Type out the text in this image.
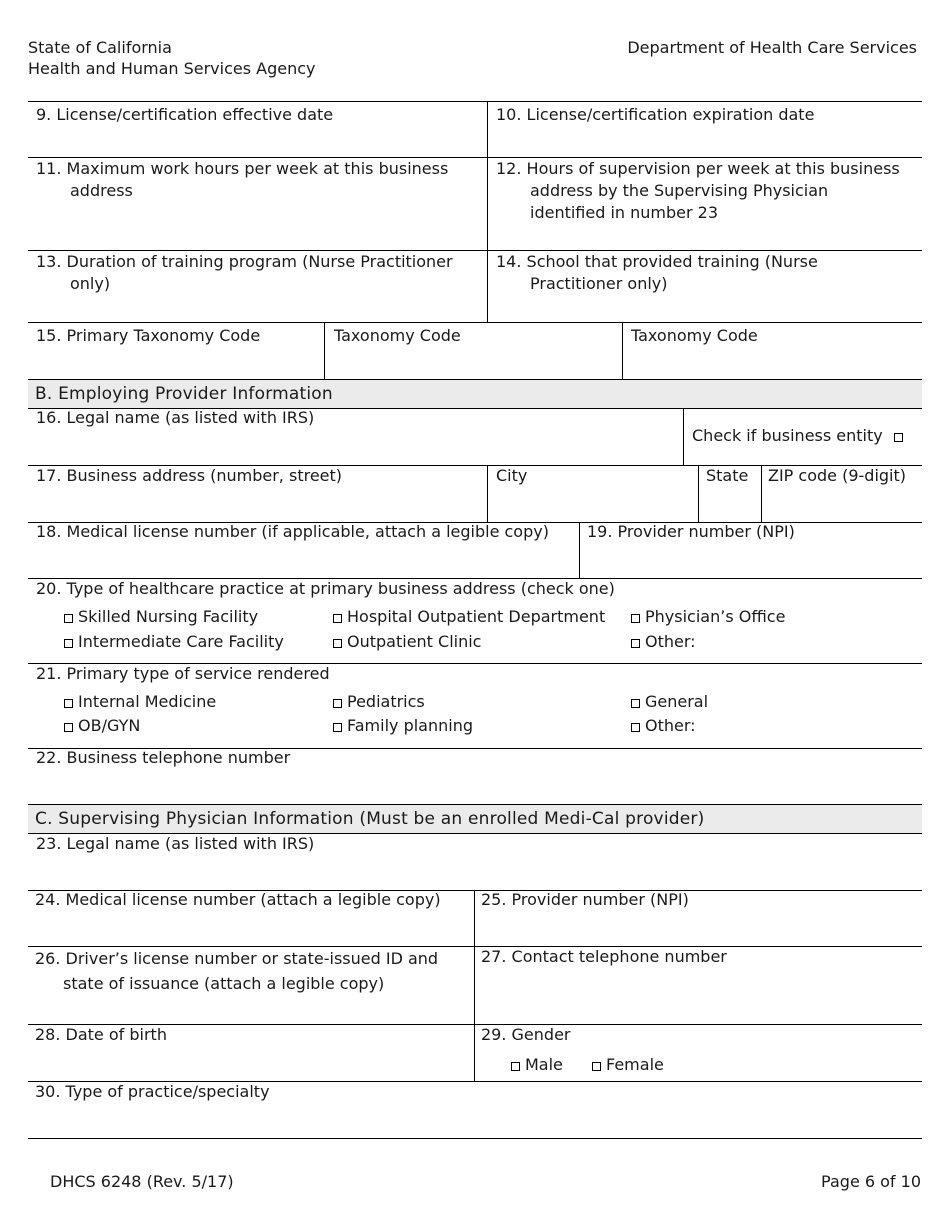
State of California
Health and Human Services Agency
Department of Health Care Services
9. License/certification effective date	10. License/certification expiration date
11. Maximum work hours per week at this business
address
12. Hours of supervision per week at this business
address by the Supervising Physician
identified in number 23
13. Duration of training program (Nurse Practitioner
only)
14. School that provided training (Nurse
Practitioner only)
15. Primary Taxonomy Code	Taxonomy Code	Taxonomy Code
B. Employing Provider Information
16. Legal name (as listed with IRS)
Check if business entity
17. Business address (number, street)	City	State ZIP code (9-digit)
18. Medical license number (if applicable, attach a legible copy) 19. Provider number (NPI)
20. Type of healthcare practice at primary business address (check one)
Skilled Nursing Facility	Hospital Outpatient Department	Physician’s Office
Intermediate Care Facility	Outpatient Clinic	Other:
21. Primary type of service rendered
Internal Medicine	Pediatrics	General
OB/GYN	Family planning	Other:
22. Business telephone number
C. Supervising Physician Information (Must be an enrolled Medi-Cal provider)
23. Legal name (as listed with IRS)
24. Medical license number (attach a legible copy)	25. Provider number (NPI)
26. Driver’s license number or state-issued ID and
state of issuance (attach a legible copy)
27. Contact telephone number
28. Date of birth	29. Gender
Male	Female
30. Type of practice/specialty
DHCS 6248 (Rev. 5/17)	Page 6 of 10
